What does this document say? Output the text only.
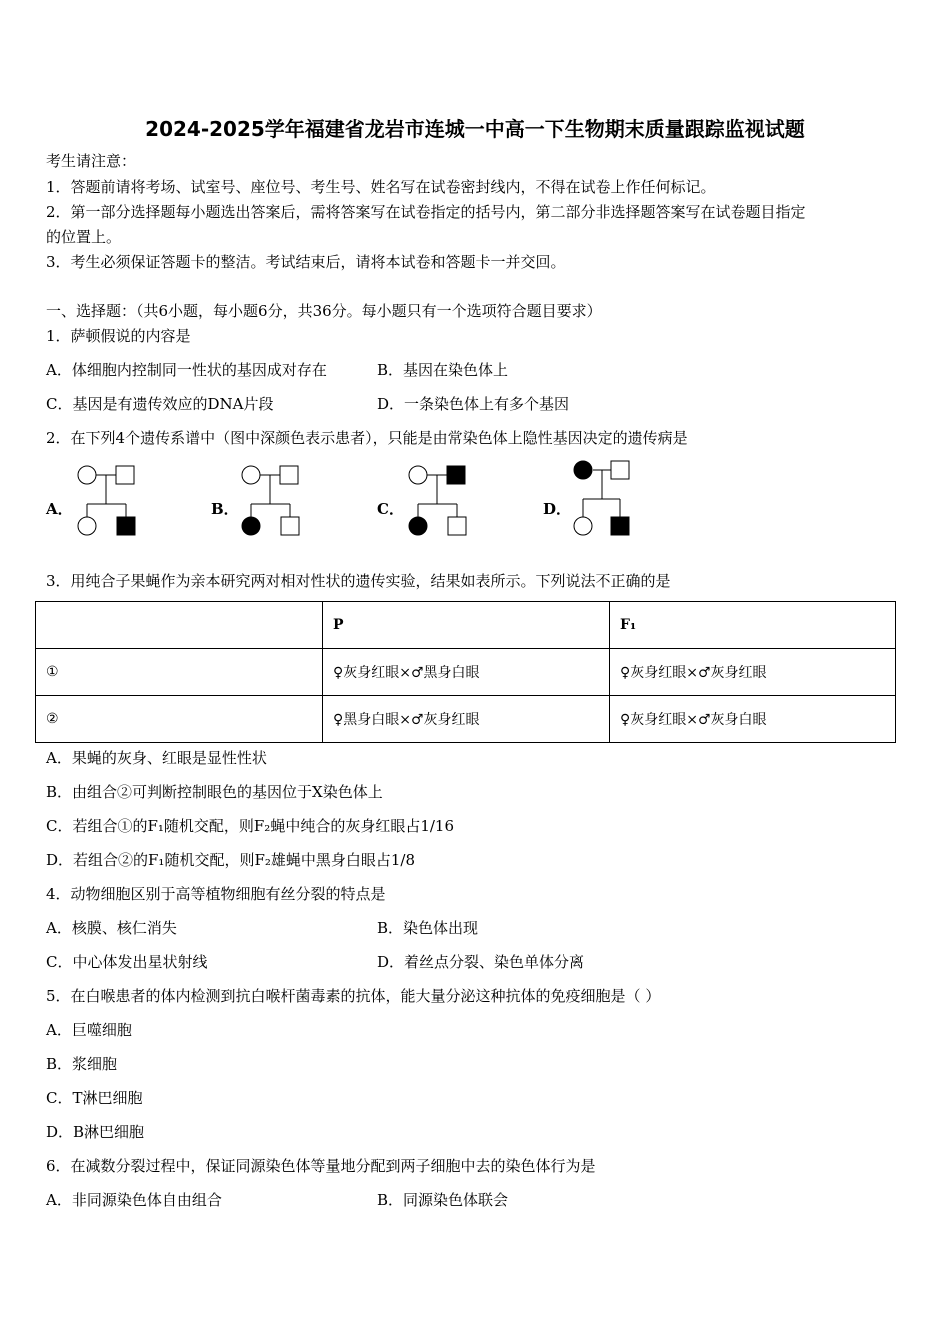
2024-2025学年福建省龙岩市连城一中高一下生物期末质量跟踪监视试题
考生请注意：
1．答题前请将考场、试室号、座位号、考生号、姓名写在试卷密封线内，不得在试卷上作任何标记。
2．第一部分选择题每小题选出答案后，需将答案写在试卷指定的括号内，第二部分非选择题答案写在试卷题目指定
的位置上。
3．考生必须保证答题卡的整洁。考试结束后，请将本试卷和答题卡一并交回。
一、选择题：（共6小题，每小题6分，共36分。每小题只有一个选项符合题目要求）
1．萨顿假说的内容是
A．体细胞内控制同一性状的基因成对存在	B．基因在染色体上
C．基因是有遗传效应的DNA片段	D．一条染色体上有多个基因
2．在下列4个遗传系谱中（图中深颜色表示患者），只能是由常染色体上隐性基因决定的遗传病是
A．	B．	C．	D．
3．用纯合子果蝇作为亲本研究两对相对性状的遗传实验，结果如表所示。下列说法不正确的是
	P	F₁
①	♀灰身红眼×♂黑身白眼	♀灰身红眼×♂灰身红眼
②	♀黑身白眼×♂灰身红眼	♀灰身红眼×♂灰身白眼
A．果蝇的灰身、红眼是显性性状
B．由组合②可判断控制眼色的基因位于X染色体上
C．若组合①的F₁随机交配，则F₂蝇中纯合的灰身红眼占1/16
D．若组合②的F₁随机交配，则F₂雄蝇中黑身白眼占1/8
4．动物细胞区别于高等植物细胞有丝分裂的特点是
A．核膜、核仁消失	B．染色体出现
C．中心体发出星状射线	D．着丝点分裂、染色单体分离
5．在白喉患者的体内检测到抗白喉杆菌毒素的抗体，能大量分泌这种抗体的免疫细胞是（ ）
A．巨噬细胞
B．浆细胞
C．T淋巴细胞
D．B淋巴细胞
6．在减数分裂过程中，保证同源染色体等量地分配到两子细胞中去的染色体行为是
A．非同源染色体自由组合	B．同源染色体联会
